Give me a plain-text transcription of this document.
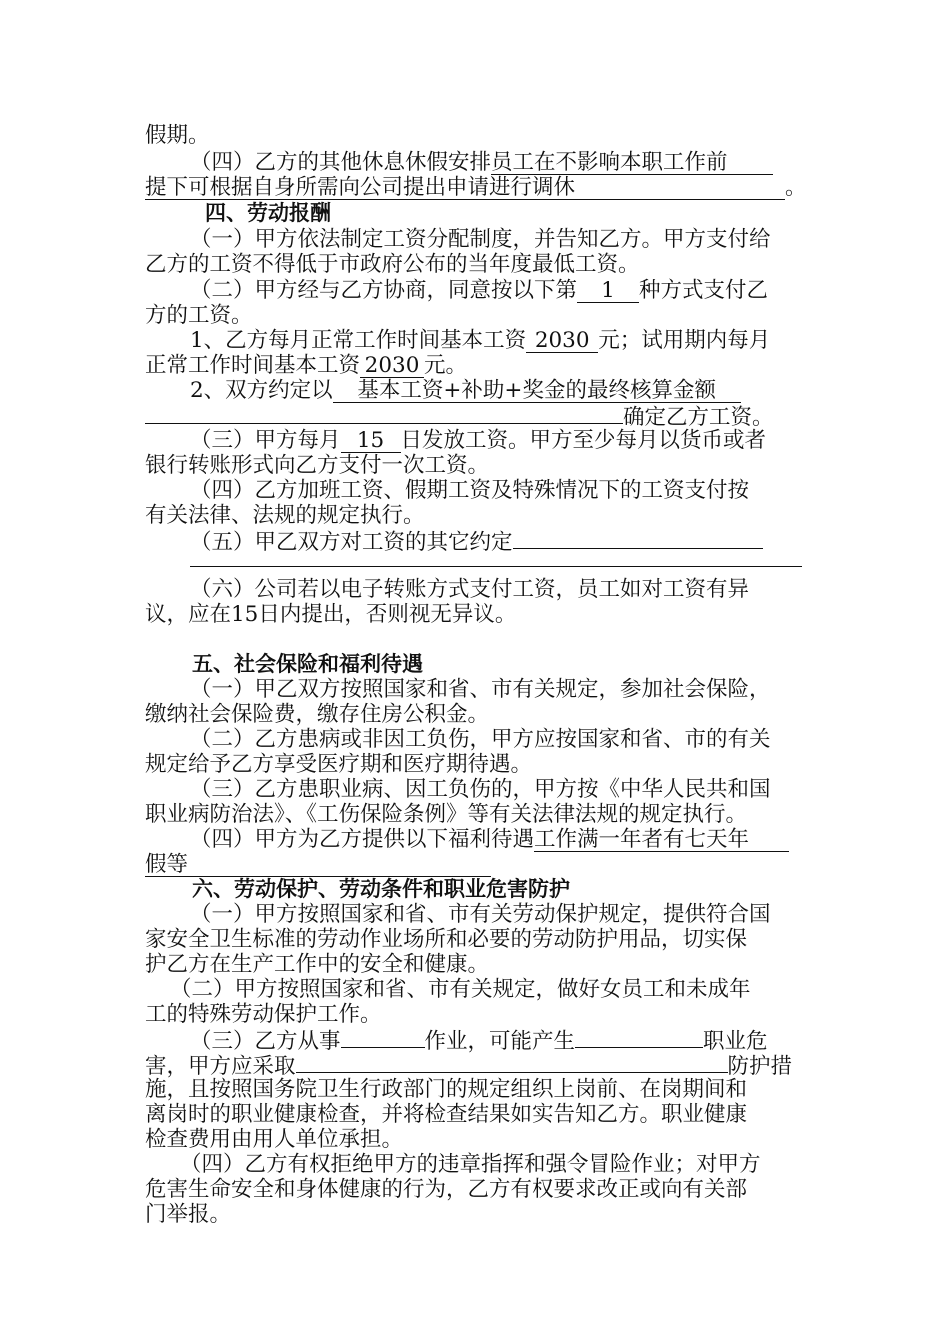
假期。
（四）乙方的其他休息休假安排员工在不影响本职工作前
提下可根据自身所需向公司提出申请进行调休	。
四、劳动报酬
（一）甲方依法制定工资分配制度，并告知乙方。甲方支付给
乙方的工资不得低于市政府公布的当年度最低工资。
（二）甲方经与乙方协商，同意按以下第 1 种方式支付乙
方的工资。
1、乙方每月正常工作时间基本工资 2030 元；试用期内每月
正常工作时间基本工资 2030 元。
2、双方约定以 基本工资+补助+奖金的最终核算金额
确定乙方工资。
（三）甲方每月 15 日发放工资。甲方至少每月以货币或者
银行转账形式向乙方支付一次工资。
（四）乙方加班工资、假期工资及特殊情况下的工资支付按
有关法律、法规的规定执行。
（五）甲乙双方对工资的其它约定
（六）公司若以电子转账方式支付工资，员工如对工资有异
议，应在15日内提出，否则视无异议。
五、社会保险和福利待遇
（一）甲乙双方按照国家和省、市有关规定，参加社会保险，
缴纳社会保险费，缴存住房公积金。
（二）乙方患病或非因工负伤，甲方应按国家和省、市的有关
规定给予乙方享受医疗期和医疗期待遇。
（三）乙方患职业病、因工负伤的，甲方按《中华人民共和国
职业病防治法》、《工伤保险条例》等有关法律法规的规定执行。
（四）甲方为乙方提供以下福利待遇工作满一年者有七天年
假等
六、劳动保护、劳动条件和职业危害防护
（一）甲方按照国家和省、市有关劳动保护规定，提供符合国
家安全卫生标准的劳动作业场所和必要的劳动防护用品，切实保
护乙方在生产工作中的安全和健康。
（二）甲方按照国家和省、市有关规定，做好女员工和未成年
工的特殊劳动保护工作。
（三）乙方从事	作业，可能产生	职业危
害，甲方应采取	防护措
施，且按照国务院卫生行政部门的规定组织上岗前、在岗期间和
离岗时的职业健康检查，并将检查结果如实告知乙方。职业健康
检查费用由用人单位承担。
（四）乙方有权拒绝甲方的违章指挥和强令冒险作业；对甲方
危害生命安全和身体健康的行为，乙方有权要求改正或向有关部
门举报。
